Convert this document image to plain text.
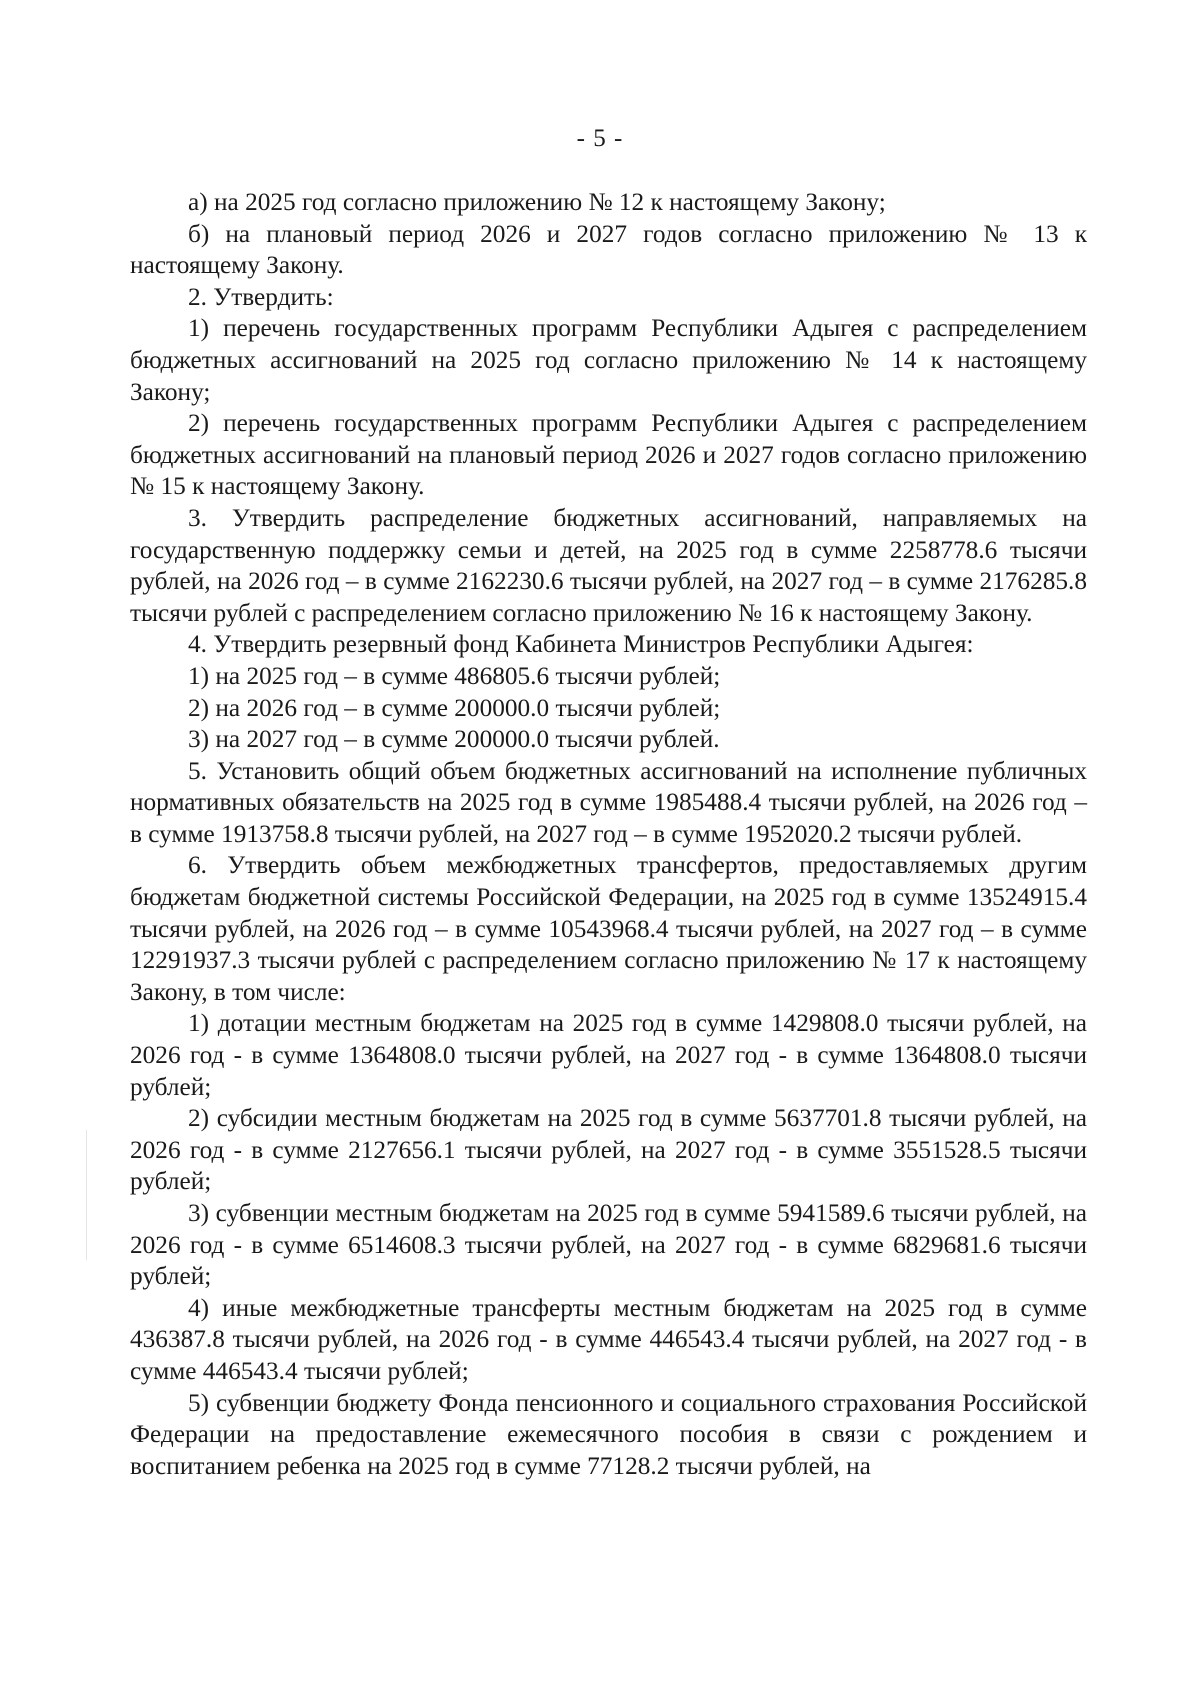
- 5 -

а) на 2025 год согласно приложению № 12 к настоящему Закону;

б) на плановый период 2026 и 2027 годов согласно приложению № 13 к настоящему Закону.

2. Утвердить:

1) перечень государственных программ Республики Адыгея с распределением бюджетных ассигнований на 2025 год согласно приложению № 14 к настоящему Закону;

2) перечень государственных программ Республики Адыгея с распределением бюджетных ассигнований на плановый период 2026 и 2027 годов согласно приложению № 15 к настоящему Закону.

3. Утвердить распределение бюджетных ассигнований, направляемых на государственную поддержку семьи и детей, на 2025 год в сумме 2258778.6 тысячи рублей, на 2026 год – в сумме 2162230.6 тысячи рублей, на 2027 год – в сумме 2176285.8 тысячи рублей с распределением согласно приложению № 16 к настоящему Закону.

4. Утвердить резервный фонд Кабинета Министров Республики Адыгея:

1) на 2025 год – в сумме 486805.6 тысячи рублей;

2) на 2026 год – в сумме 200000.0 тысячи рублей;

3) на 2027 год – в сумме 200000.0 тысячи рублей.

5. Установить общий объем бюджетных ассигнований на исполнение публичных нормативных обязательств на 2025 год в сумме 1985488.4 тысячи рублей, на 2026 год – в сумме 1913758.8 тысячи рублей, на 2027 год – в сумме 1952020.2 тысячи рублей.

6. Утвердить объем межбюджетных трансфертов, предоставляемых другим бюджетам бюджетной системы Российской Федерации, на 2025 год в сумме 13524915.4 тысячи рублей, на 2026 год – в сумме 10543968.4 тысячи рублей, на 2027 год – в сумме 12291937.3 тысячи рублей с распределением согласно приложению № 17 к настоящему Закону, в том числе:

1) дотации местным бюджетам на 2025 год в сумме 1429808.0 тысячи рублей, на 2026 год - в сумме 1364808.0 тысячи рублей, на 2027 год - в сумме 1364808.0 тысячи рублей;

2) субсидии местным бюджетам на 2025 год в сумме 5637701.8 тысячи рублей, на 2026 год - в сумме 2127656.1 тысячи рублей, на 2027 год - в сумме 3551528.5 тысячи рублей;

3) субвенции местным бюджетам на 2025 год в сумме 5941589.6 тысячи рублей, на 2026 год - в сумме 6514608.3 тысячи рублей, на 2027 год - в сумме 6829681.6 тысячи рублей;

4) иные межбюджетные трансферты местным бюджетам на 2025 год в сумме 436387.8 тысячи рублей, на 2026 год - в сумме 446543.4 тысячи рублей, на 2027 год - в сумме 446543.4 тысячи рублей;

5) субвенции бюджету Фонда пенсионного и социального страхования Российской Федерации на предоставление ежемесячного пособия в связи с рождением и воспитанием ребенка на 2025 год в сумме 77128.2 тысячи рублей, на
